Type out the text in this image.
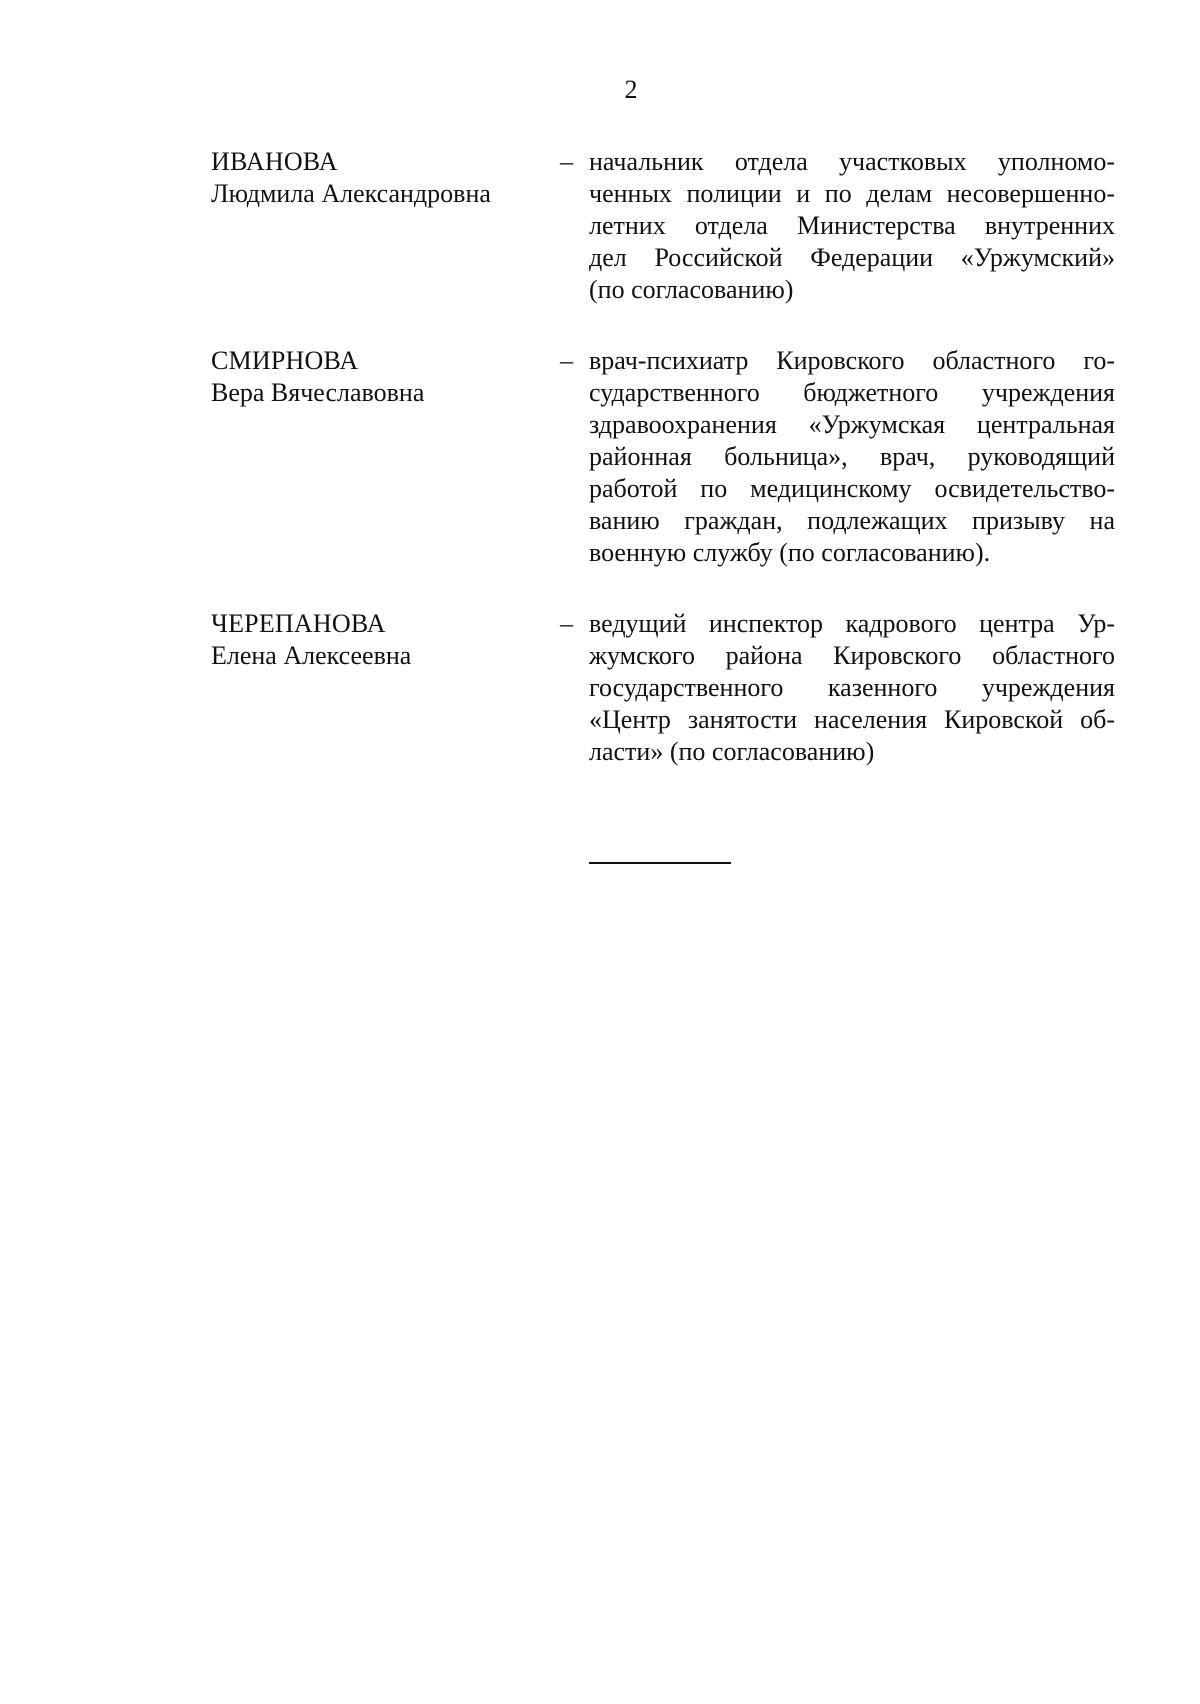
2
ИВАНОВА
Людмила Александровна
– начальник отдела участковых уполномо-
ченных полиции и по делам несовершенно-
летних отдела Министерства внутренних
дел Российской Федерации «Уржумский»
(по согласованию)
СМИРНОВА
Вера Вячеславовна
– врач-психиатр Кировского областного го-
сударственного бюджетного учреждения
здравоохранения «Уржумская центральная
районная больница», врач, руководящий
работой по медицинскому освидетельство-
ванию граждан, подлежащих призыву на
военную службу (по согласованию).
ЧЕРЕПАНОВА
Елена Алексеевна
– ведущий инспектор кадрового центра Ур-
жумского района Кировского областного
государственного казенного учреждения
«Центр занятости населения Кировской об-
ласти» (по согласованию)
